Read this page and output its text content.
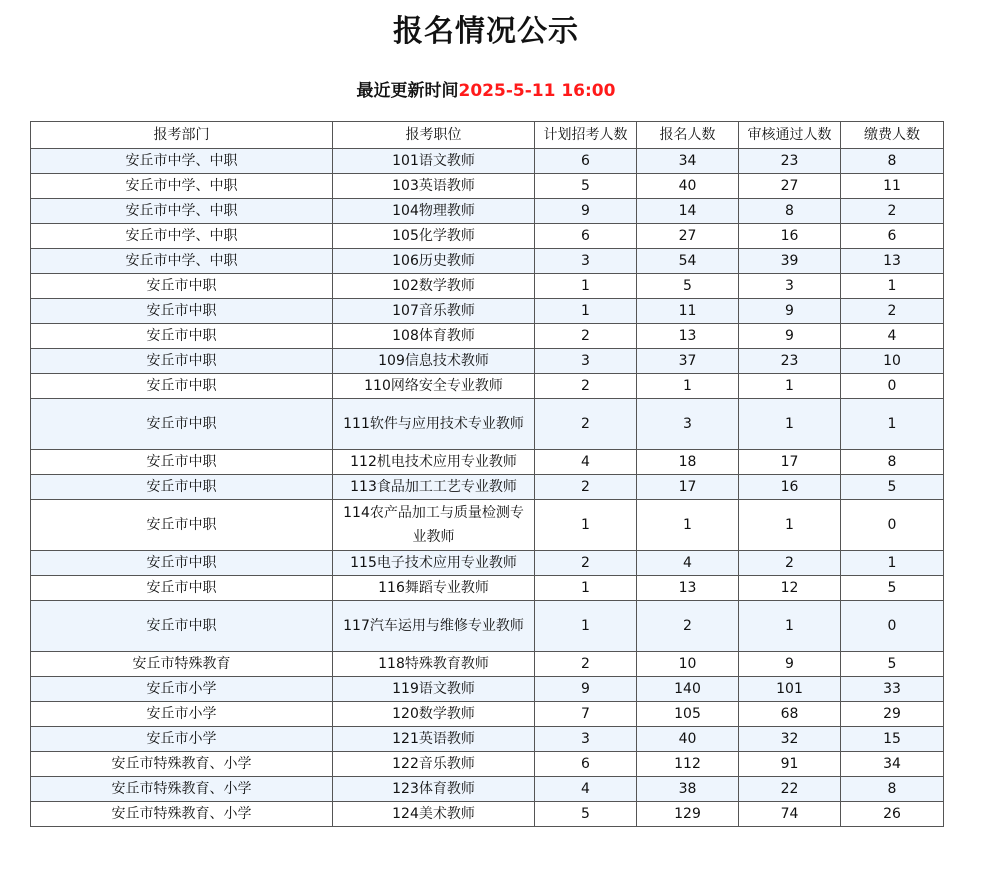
报名情况公示
最近更新时间2025-5-11 16:00
报考部门	报考职位	计划招考人数	报名人数	审核通过人数	缴费人数
安丘市中学、中职	101语文教师	6	34	23	8
安丘市中学、中职	103英语教师	5	40	27	11
安丘市中学、中职	104物理教师	9	14	8	2
安丘市中学、中职	105化学教师	6	27	16	6
安丘市中学、中职	106历史教师	3	54	39	13
安丘市中职	102数学教师	1	5	3	1
安丘市中职	107音乐教师	1	11	9	2
安丘市中职	108体育教师	2	13	9	4
安丘市中职	109信息技术教师	3	37	23	10
安丘市中职	110网络安全专业教师	2	1	1	0
安丘市中职	111软件与应用技术专业教师	2	3	1	1
安丘市中职	112机电技术应用专业教师	4	18	17	8
安丘市中职	113食品加工工艺专业教师	2	17	16	5
安丘市中职	114农产品加工与质量检测专业教师	1	1	1	0
安丘市中职	115电子技术应用专业教师	2	4	2	1
安丘市中职	116舞蹈专业教师	1	13	12	5
安丘市中职	117汽车运用与维修专业教师	1	2	1	0
安丘市特殊教育	118特殊教育教师	2	10	9	5
安丘市小学	119语文教师	9	140	101	33
安丘市小学	120数学教师	7	105	68	29
安丘市小学	121英语教师	3	40	32	15
安丘市特殊教育、小学	122音乐教师	6	112	91	34
安丘市特殊教育、小学	123体育教师	4	38	22	8
安丘市特殊教育、小学	124美术教师	5	129	74	26
